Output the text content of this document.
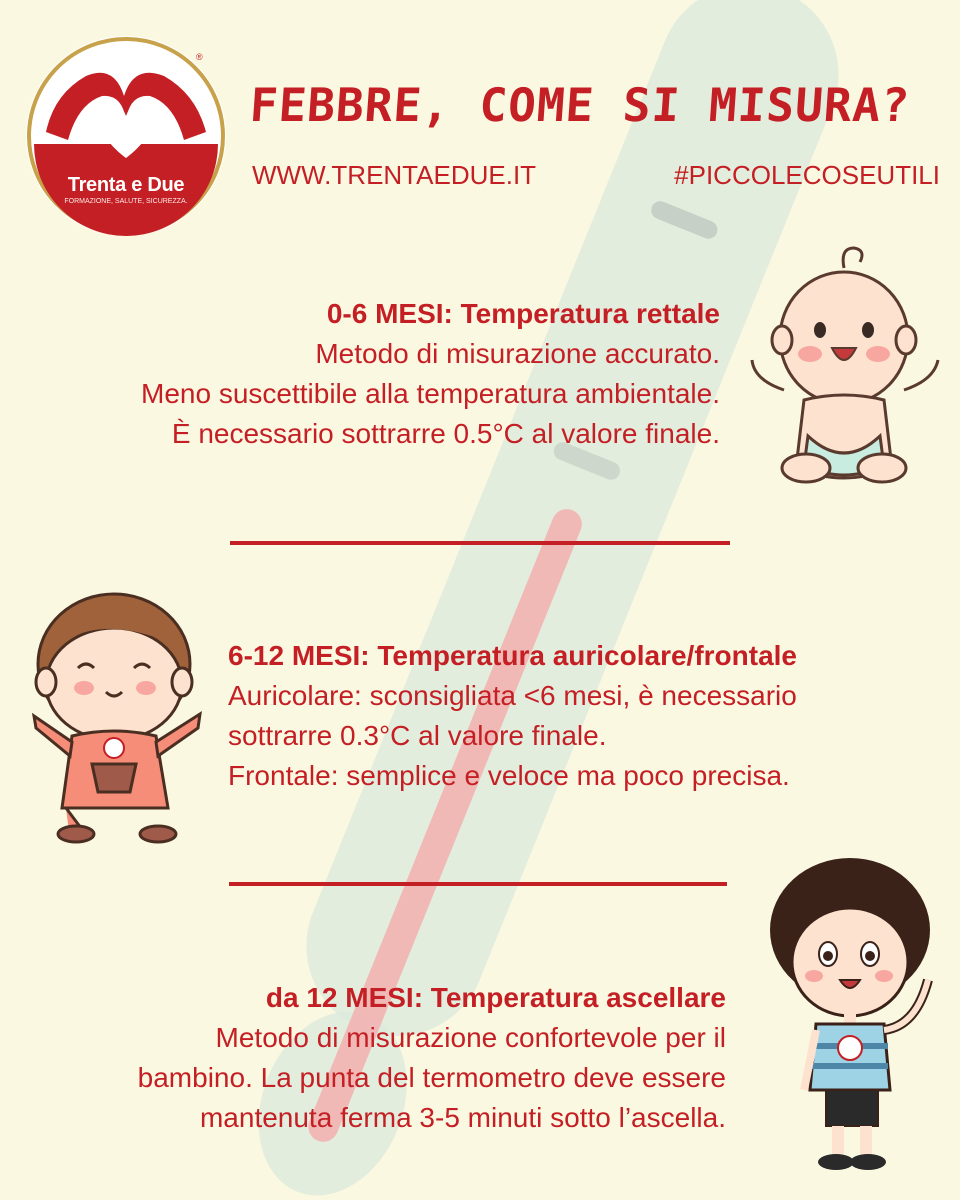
Trenta e Due
FORMAZIONE, SALUTE, SICUREZZA.
®
FEBBRE, COME SI MISURA?
WWW.TRENTAEDUE.IT	#PICCOLECOSEUTILI
0-6 MESI: Temperatura rettale
Metodo di misurazione accurato.
Meno suscettibile alla temperatura ambientale.
È necessario sottrarre 0.5°C al valore finale.
6-12 MESI: Temperatura auricolare/frontale
Auricolare: sconsigliata <6 mesi, è necessario
sottrarre 0.3°C al valore finale.
Frontale: semplice e veloce ma poco precisa.
da 12 MESI: Temperatura ascellare
Metodo di misurazione confortevole per il
bambino. La punta del termometro deve essere
mantenuta ferma 3-5 minuti sotto l’ascella.
